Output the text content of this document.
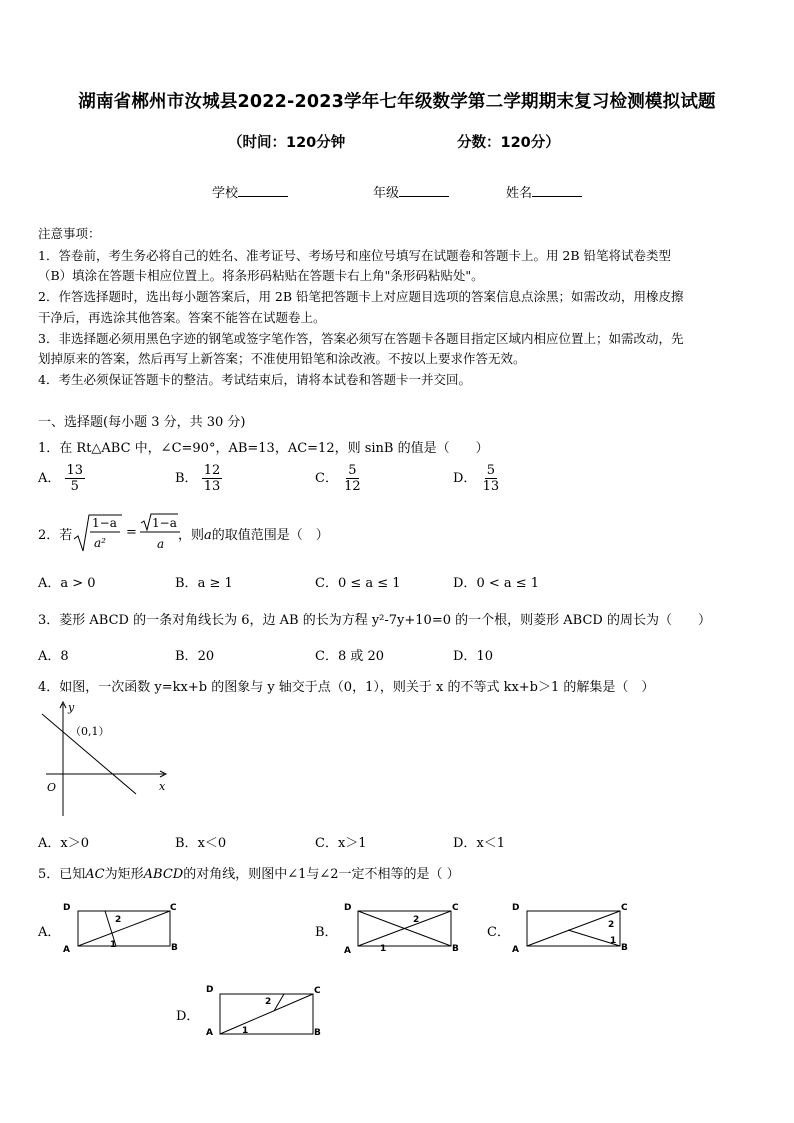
湖南省郴州市汝城县2022-2023学年七年级数学第二学期期末复习检测模拟试题
（时间：120分钟	分数：120分）
学校	年级	姓名
注意事项：
1．答卷前，考生务必将自己的姓名、准考证号、考场号和座位号填写在试题卷和答题卡上。用 2B 铅笔将试卷类型
（B）填涂在答题卡相应位置上。将条形码粘贴在答题卡右上角"条形码粘贴处"。
2．作答选择题时，选出每小题答案后，用 2B 铅笔把答题卡上对应题目选项的答案信息点涂黑；如需改动，用橡皮擦
干净后，再选涂其他答案。答案不能答在试题卷上。
3．非选择题必须用黑色字迹的钢笔或签字笔作答，答案必须写在答题卡各题目指定区域内相应位置上；如需改动，先
划掉原来的答案，然后再写上新答案；不准使用铅笔和涂改液。不按以上要求作答无效。
4．考生必须保证答题卡的整洁。考试结束后，请将本试卷和答题卡一并交回。
一、选择题(每小题 3 分，共 30 分)
1．在 Rt△ABC 中，∠C=90°，AB=13，AC=12，则 sinB 的值是（　　）
A． $\frac{13}{5}$	B． $\frac{12}{13}$	C． $\frac{5}{12}$	D． $\frac{5}{13}$
2．若
1−a
a²
=
1−a
a
，则a的取值范围是（　）
A．a > 0	B．a ≥ 1	C．0 ≤ a ≤ 1	D．0 < a ≤ 1
3．菱形 ABCD 的一条对角线长为 6，边 AB 的长为方程 y²-7y+10=0 的一个根，则菱形 ABCD 的周长为（　　）
A．8	B．20	C．8 或 20	D．10
4．如图，一次函数 y=kx+b 的图象与 y 轴交于点（0，1），则关于 x 的不等式 kx+b＞1 的解集是（　）
y
x
O
（0,1）
A．x＞0	B．x＜0	C．x＞1	D．x＜1
5．已知AC为矩形ABCD的对角线，则图中∠1与∠2一定不相等的是（ ）
A．
D	C
A	B
2
1
B．
D	C
A	B
2
1
C．
D	C
A	B
2
1
D．
D	C
A	B
2
1
